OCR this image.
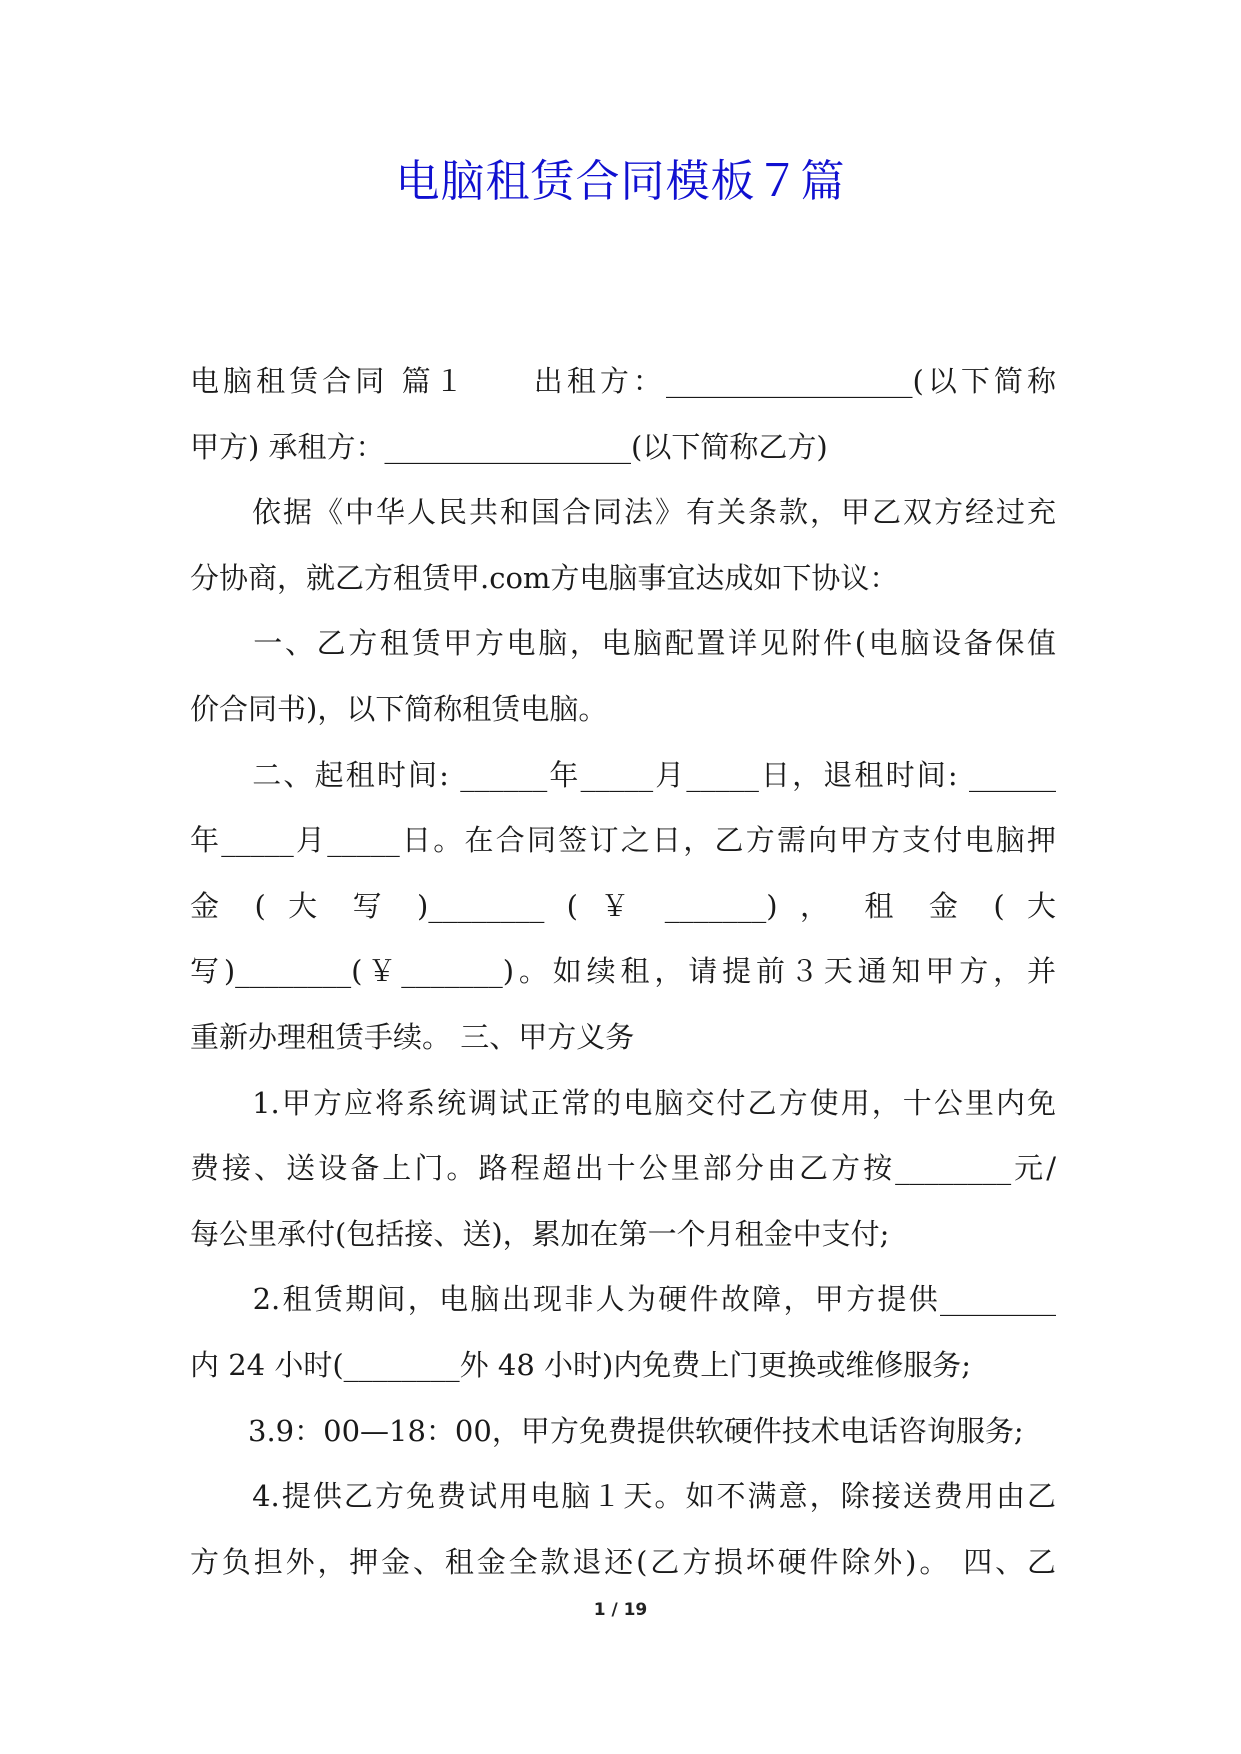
电脑租赁合同模板７篇
电脑租赁合同 篇１　　出租方：_________________(以下简称
甲方) 承租方：_________________(以下简称乙方)
　　依据《中华人民共和国合同法》有关条款，甲乙双方经过充
分协商，就乙方租赁甲.com方电脑事宜达成如下协议：
　　一、乙方租赁甲方电脑，电脑配置详见附件(电脑设备保值
价合同书)，以下简称租赁电脑。
　　二、起租时间: ______年_____月_____日，退租时间: ______
年_____月_____日。在合同签订之日，乙方需向甲方支付电脑押
金 ( 大 写 )________ ( ￥ _______) ， 租 金 ( 大
写)________(￥_______)。如续租，请提前３天通知甲方，并
重新办理租赁手续。 三、甲方义务
　　1.甲方应将系统调试正常的电脑交付乙方使用，十公里内免
费接、送设备上门。路程超出十公里部分由乙方按________元/
每公里承付(包括接、送)，累加在第一个月租金中支付;
　　2.租赁期间，电脑出现非人为硬件故障，甲方提供________
内 24 小时(________外 48 小时)内免费上门更换或维修服务;
　　3.9：00—18：00，甲方免费提供软硬件技术电话咨询服务;
　　4.提供乙方免费试用电脑１天。如不满意，除接送费用由乙
方负担外，押金、租金全款退还(乙方损坏硬件除外)。 四、乙
1 / 19
